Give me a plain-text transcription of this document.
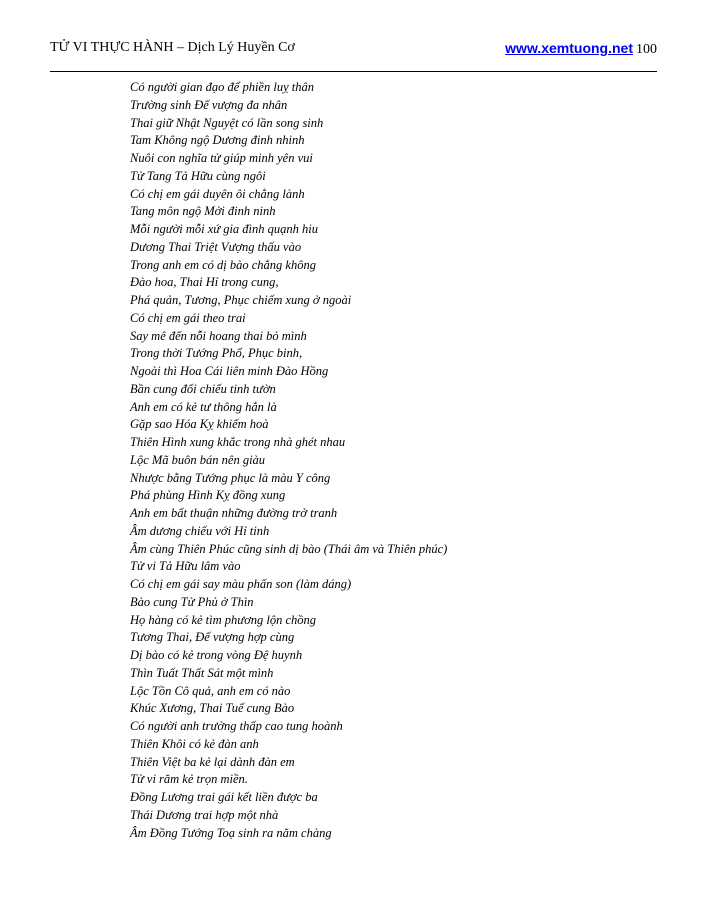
TỬ VI THỰC HÀNH – Dịch Lý Huyền Cơ	www.xemtuong.net 100
Có người gian đạo để phiền luỵ thân
Trường sinh Đế vượng đa nhân
Thai giữ Nhật Nguyệt có lần song sinh
Tam Không ngộ Dương đinh nhinh
Nuôi con nghĩa tử giúp minh yên vui
Tử Tang Tả Hữu cùng ngôi
Có chị em gái duyên ôi chẳng lành
Tang môn ngộ Mởi đinh ninh
Mỗi người mỗi xứ gia đình quạnh hiu
Dương Thai Triệt Vượng thấu vào
Trong anh em có dị bào chẳng không
Đào hoa, Thai Hỉ trong cung,
Phá quản, Tương, Phục chiếm xung ở ngoài
Có chị em gái theo trai
Say mê đến nỗi hoang thai bỏ mình
Trong thời Tướng Phổ, Phục binh,
Ngoài thì Hoa Cái liên minh Đào Hồng
Bần cung đối chiếu tinh tườn
Anh em có kẻ tư thông hẳn là
Gặp sao Hóa Kỵ khiếm hoà
Thiên Hình xung khắc trong nhà ghét nhau
Lộc Mã buôn bán nên giàu
Nhược bằng Tướng phục là màu Y công
Phá phùng Hình Kỵ đồng xung
Anh em bất thuận những đường trở tranh
Âm dương chiếu với Hỉ tinh
Âm cùng Thiên Phúc cũng sinh dị bào (Thái âm và Thiên phúc)
Tử vi Tả Hữu lâm vào
Có chị em gái say màu phấn son (làm dáng)
Bào cung Tử Phủ ở Thìn
Họ hàng có kẻ tìm phương lộn chồng
Tương Thai, Đế vượng hợp cùng
Dị bào có kẻ trong vòng Đệ huynh
Thìn Tuất Thất Sát một mình
Lộc Tồn Cô quả, anh em có nào
Khúc Xương, Thai Tuế cung Bào
Có người anh trưởng thấp cao tung hoành
Thiên Khôi có kẻ đàn anh
Thiên Việt ba kẻ lại dành đàn em
Tử vi răm kẻ trọn miền.
Đồng Lương trai gái kết liền được ba
Thái Dương trai hợp một nhà
Âm Đồng Tướng Toạ sinh ra năm chàng
